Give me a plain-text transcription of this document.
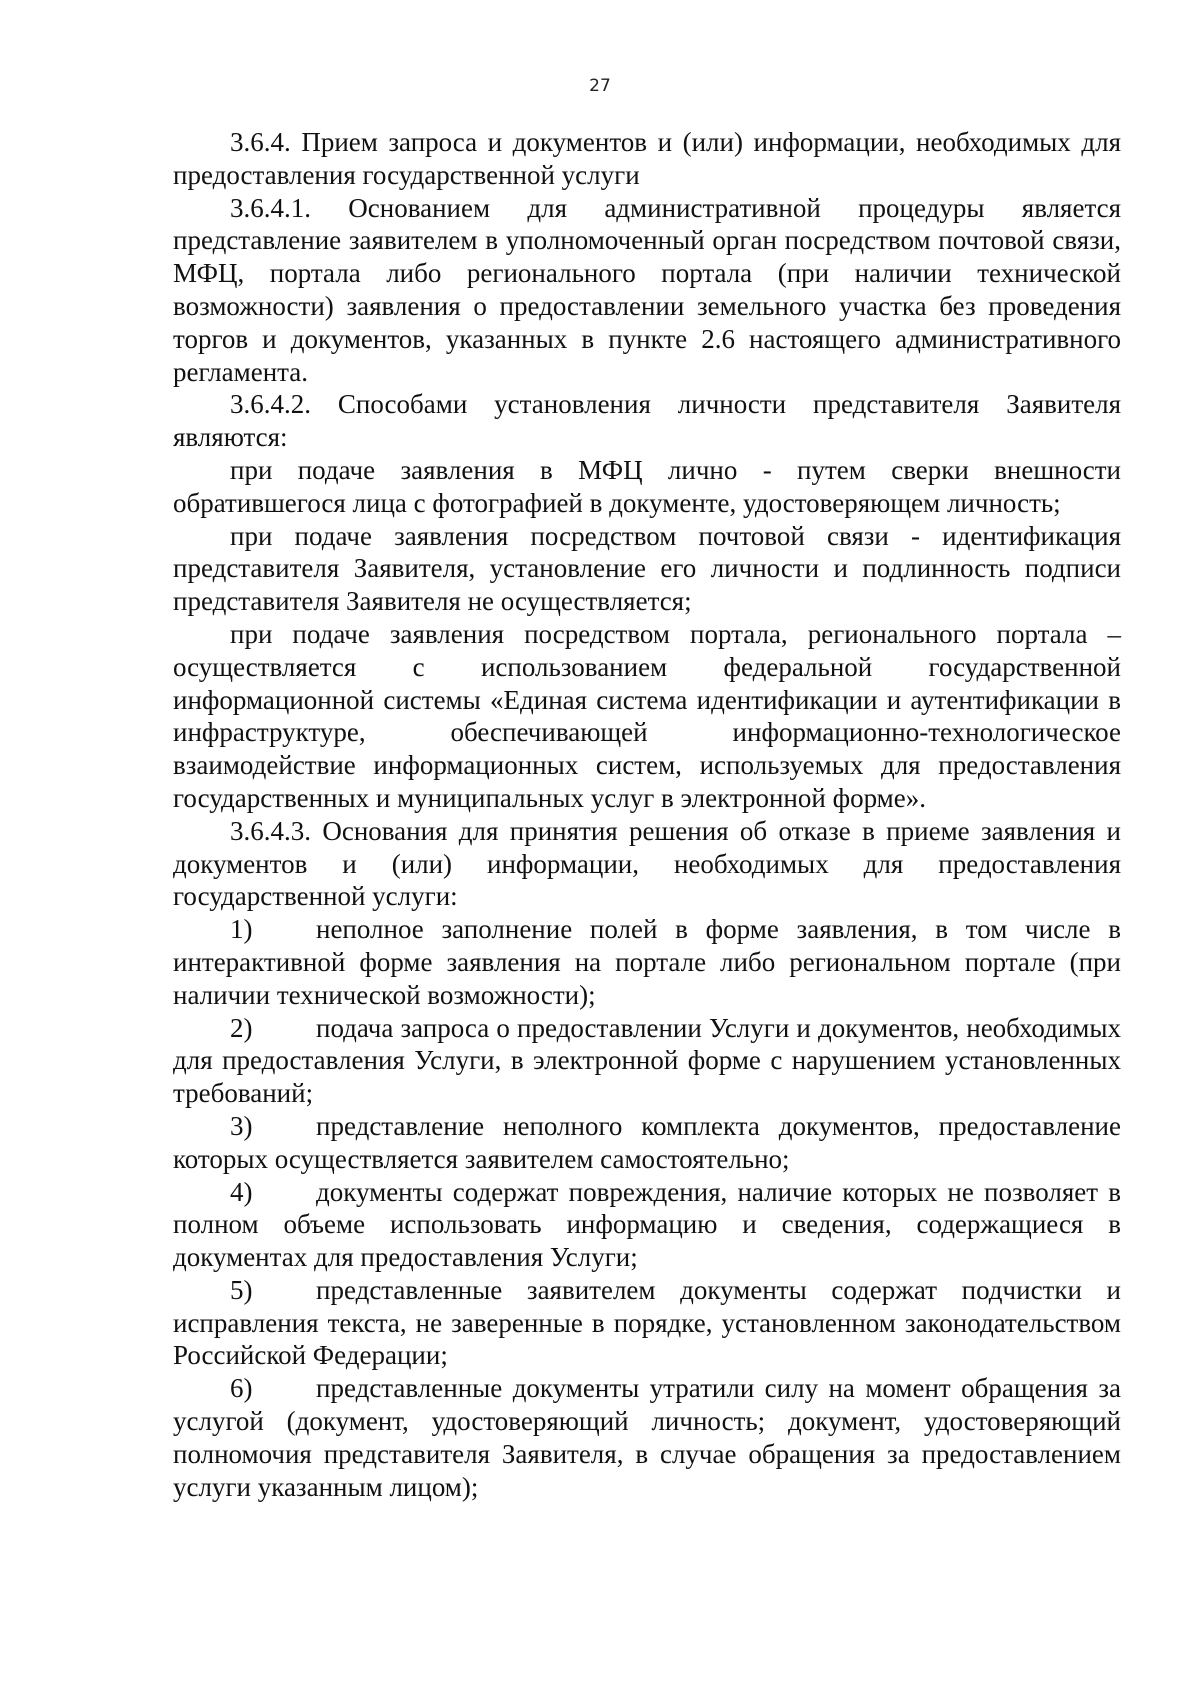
27

3.6.4. Прием запроса и документов и (или) информации, необходимых для предоставления государственной услуги

3.6.4.1. Основанием для административной процедуры является представление заявителем в уполномоченный орган посредством почтовой связи, МФЦ, портала либо регионального портала (при наличии технической возможности) заявления о предоставлении земельного участка без проведения торгов и документов, указанных в пункте 2.6 настоящего административного регламента.

3.6.4.2. Способами установления личности представителя Заявителя являются:

при подаче заявления в МФЦ лично - путем сверки внешности обратившегося лица с фотографией в документе, удостоверяющем личность;

при подаче заявления посредством почтовой связи - идентификация представителя Заявителя, установление его личности и подлинность подписи представителя Заявителя не осуществляется;

при подаче заявления посредством портала, регионального портала – осуществляется с использованием федеральной государственной информационной системы «Единая система идентификации и аутентификации в инфраструктуре, обеспечивающей информационно-технологическое взаимодействие информационных систем, используемых для предоставления государственных и муниципальных услуг в электронной форме».

3.6.4.3. Основания для принятия решения об отказе в приеме заявления и документов и (или) информации, необходимых для предоставления государственной услуги:

1) неполное заполнение полей в форме заявления, в том числе в интерактивной форме заявления на портале либо региональном портале (при наличии технической возможности);

2) подача запроса о предоставлении Услуги и документов, необходимых для предоставления Услуги, в электронной форме с нарушением установленных требований;

3) представление неполного комплекта документов, предоставление которых осуществляется заявителем самостоятельно;

4) документы содержат повреждения, наличие которых не позволяет в полном объеме использовать информацию и сведения, содержащиеся в документах для предоставления Услуги;

5) представленные заявителем документы содержат подчистки и исправления текста, не заверенные в порядке, установленном законодательством Российской Федерации;

6) представленные документы утратили силу на момент обращения за услугой (документ, удостоверяющий личность; документ, удостоверяющий полномочия представителя Заявителя, в случае обращения за предоставлением услуги указанным лицом);
